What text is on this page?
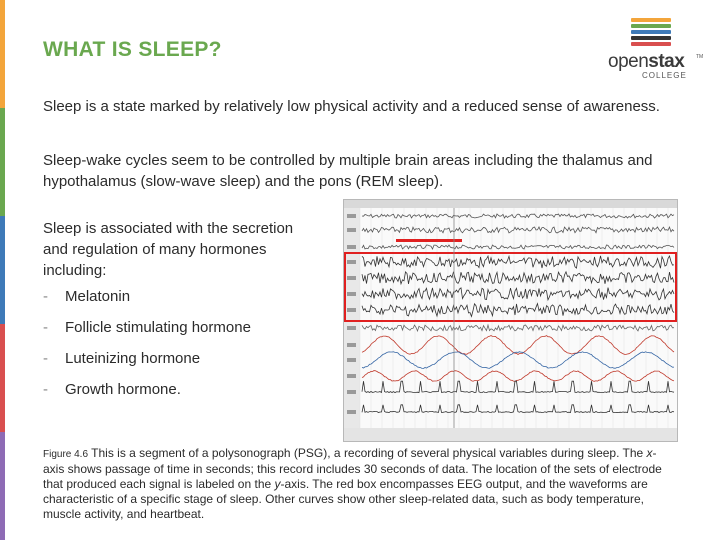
WHAT IS SLEEP?
openstax TM
COLLEGE

Sleep is a state marked by relatively low physical activity and a reduced sense of awareness.

Sleep-wake cycles seem to be controlled by multiple brain areas including the thalamus and hypothalamus (slow-wave sleep) and the pons (REM sleep).

Sleep is associated with the secretion and regulation of many hormones including:

- Melatonin
- Follicle stimulating hormone
- Luteinizing hormone
- Growth hormone.

Figure 4.6 This is a segment of a polysonograph (PSG), a recording of several physical variables during sleep. The x-axis shows passage of time in seconds; this record includes 30 seconds of data. The location of the sets of electrode that produced each signal is labeled on the y-axis. The red box encompasses EEG output, and the waveforms are characteristic of a specific stage of sleep. Other curves show other sleep-related data, such as body temperature, muscle activity, and heartbeat.
